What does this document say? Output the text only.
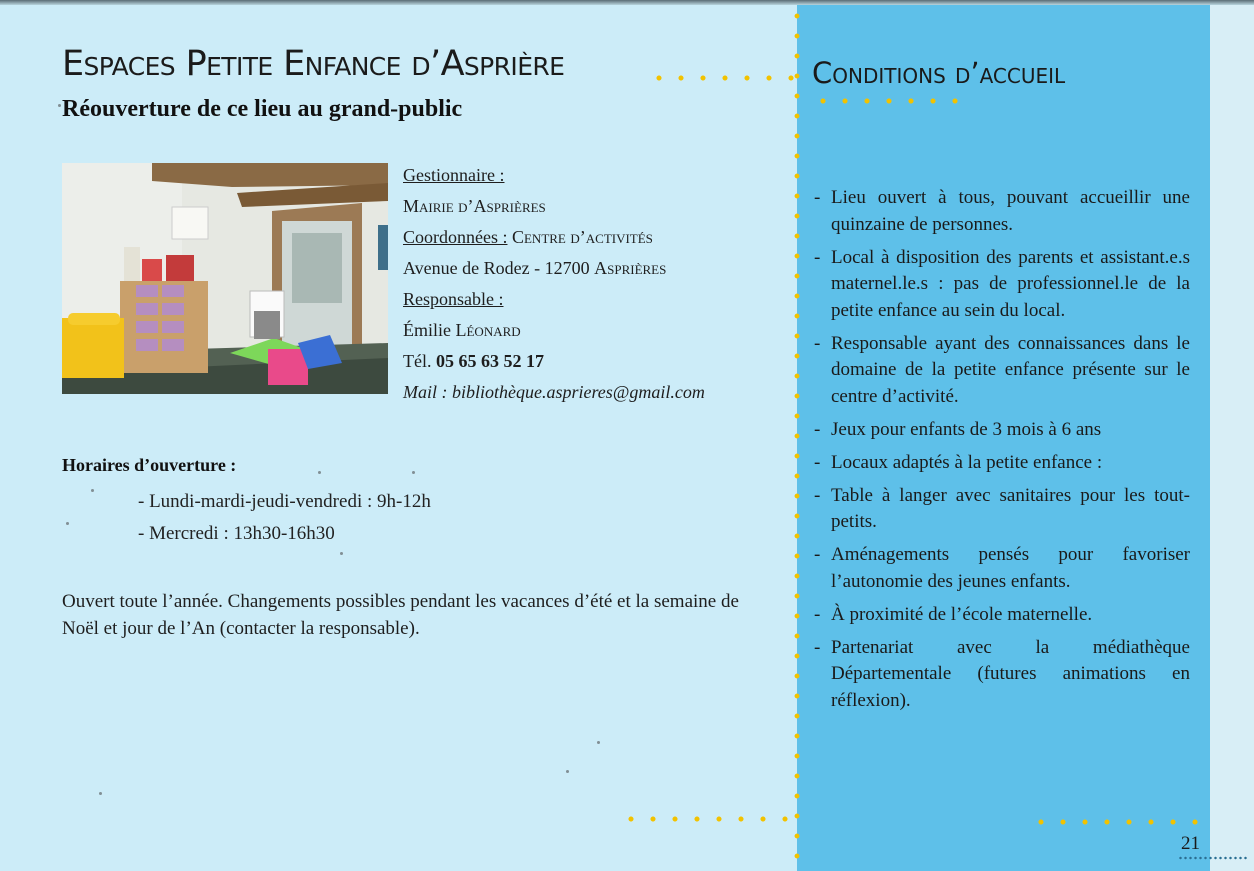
Espaces Petite Enfance d’Asprière
Réouverture de ce lieu au grand-public
Gestionnaire :
Mairie d’Asprières
Coordonnées : Centre d’activités
Avenue de Rodez - 12700 Asprières
Responsable :
Émilie Léonard
Tél. 05 65 63 52 17
Mail : bibliothèque.asprieres@gmail.com
Horaires d’ouverture :
- Lundi-mardi-jeudi-vendredi : 9h-12h
- Mercredi : 13h30-16h30

Ouvert toute l’année. Changements possibles pendant les vacances d’été et la semaine de Noël et jour de l’An (contacter la responsable).

Conditions d’accueil
- Lieu ouvert à tous, pouvant accueillir une quinzaine de personnes.
- Local à disposition des parents et assistant.e.s maternel.le.s : pas de professionnel.le de la petite enfance au sein du local.
- Responsable ayant des connaissances dans le domaine de la petite enfance présente sur le centre d’activité.
- Jeux pour enfants de 3 mois à 6 ans
- Locaux adaptés à la petite enfance :
- Table à langer avec sanitaires pour les tout-petits.
- Aménagements pensés pour favoriser l’autonomie des jeunes enfants.
- À proximité de l’école maternelle.
- Partenariat avec la médiathèque Départementale (futures animations en réflexion).
21
